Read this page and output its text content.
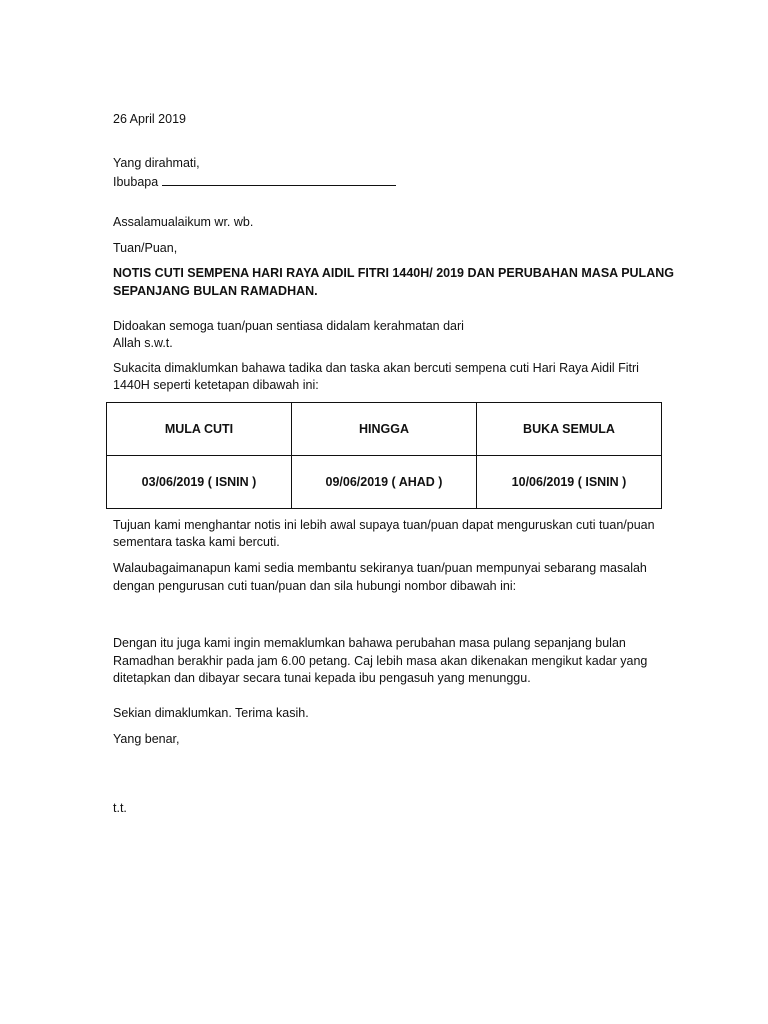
26 April 2019

Yang dirahmati,

Ibubapa

Assalamualaikum wr. wb.

Tuan/Puan,

NOTIS CUTI SEMPENA HARI RAYA AIDIL FITRI 1440H/ 2019 DAN PERUBAHAN MASA PULANG

SEPANJANG BULAN RAMADHAN.

Didoakan semoga tuan/puan sentiasa didalam kerahmatan dari

Allah s.w.t.

Sukacita dimaklumkan bahawa tadika dan taska akan bercuti sempena cuti Hari Raya Aidil Fitri

1440H seperti ketetapan dibawah ini:

MULA CUTI	HINGGA	BUKA SEMULA
03/06/2019 ( ISNIN )	09/06/2019 ( AHAD )	10/06/2019 ( ISNIN )

Tujuan kami menghantar notis ini lebih awal supaya tuan/puan dapat menguruskan cuti tuan/puan

sementara taska kami bercuti.

Walaubagaimanapun kami sedia membantu sekiranya tuan/puan mempunyai sebarang masalah

dengan pengurusan cuti tuan/puan dan sila hubungi nombor dibawah ini:

Dengan itu juga kami ingin memaklumkan bahawa perubahan masa pulang sepanjang bulan

Ramadhan berakhir pada jam 6.00 petang. Caj lebih masa akan dikenakan mengikut kadar yang

ditetapkan dan dibayar secara tunai kepada ibu pengasuh yang menunggu.

Sekian dimaklumkan. Terima kasih.

Yang benar,

t.t.
